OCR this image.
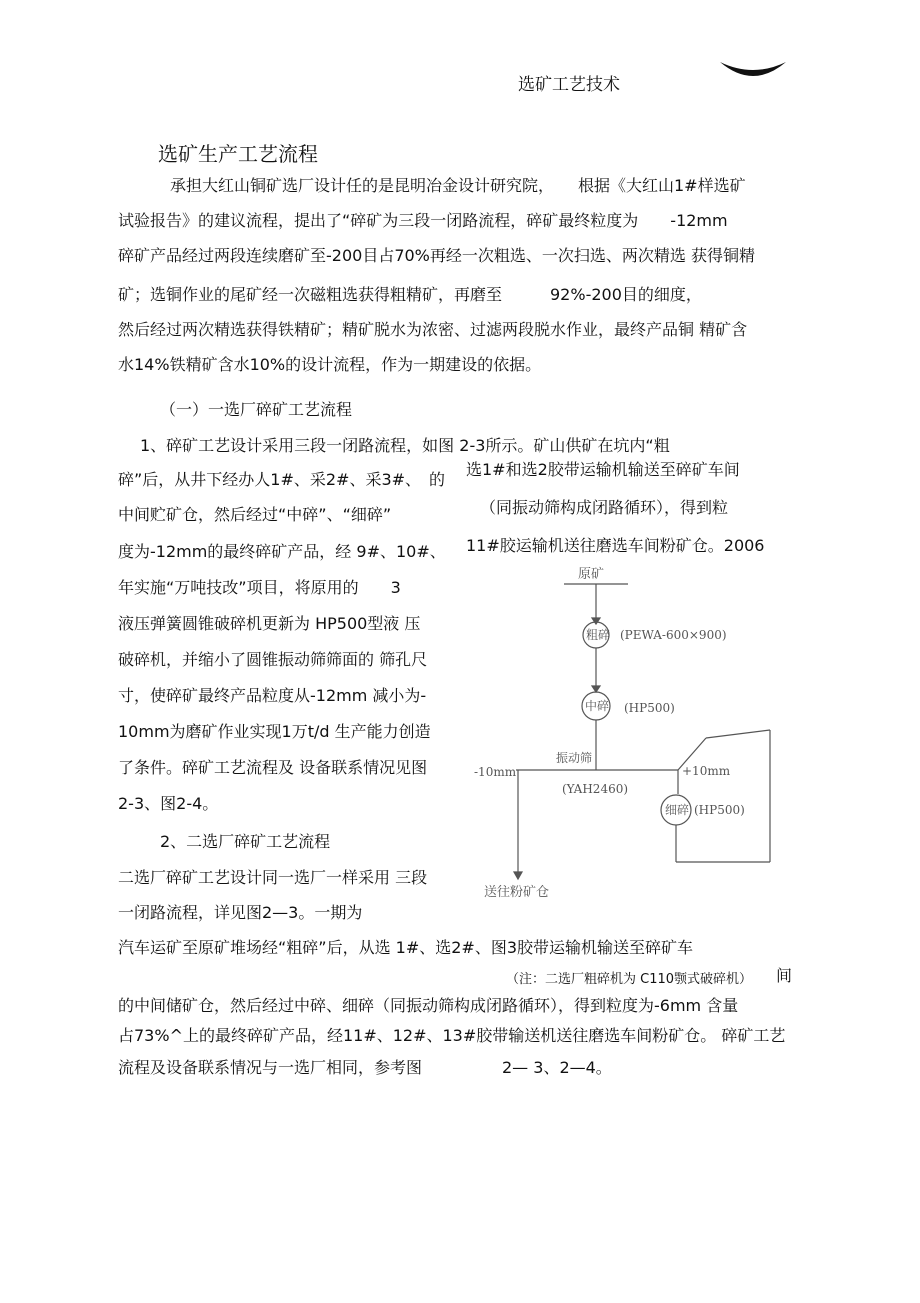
选矿工艺技术
选矿生产工艺流程
承担大红山铜矿选厂设计任的是昆明冶金设计研究院，　　根据《大红山1#样选矿
试验报告》的建议流程，提出了“碎矿为三段一闭路流程，碎矿最终粒度为　　-12mm
碎矿产品经过两段连续磨矿至-200目占70%再经一次粗选、一次扫选、两次精选 获得铜精
矿；选铜作业的尾矿经一次磁粗选获得粗精矿，再磨至　　　92%-200目的细度，
然后经过两次精选获得铁精矿；精矿脱水为浓密、过滤两段脱水作业，最终产品铜 精矿含
水14%铁精矿含水10%的设计流程，作为一期建设的依据。
（一）一选厂碎矿工艺流程
1、碎矿工艺设计采用三段一闭路流程，如图 2-3所示。矿山供矿在坑内“粗
碎”后，从井下经办人1#、采2#、采3#、　的
中间贮矿仓，然后经过“中碎”、“细碎”
度为-12mm的最终碎矿产品，经 9#、10#、
年实施“万吨技改”项目，将原用的　　3
液压弹簧圆锥破碎机更新为 HP500型液 压
破碎机，并缩小了圆锥振动筛筛面的 筛孔尺
寸，使碎矿最终产品粒度从-12mm 减小为-
10mm为磨矿作业实现1万t/d 生产能力创造
了条件。碎矿工艺流程及 设备联系情况见图
2-3、图2-4。
选1#和选2胶带运输机输送至碎矿车间
（同振动筛构成闭路循环），得到粒
11#胶运输机送往磨选车间粉矿仓。2006
原矿
粗碎 (PEWA-600×900)
中碎 (HP500)
振动筛
(YAH2460)
-10mm	+10mm
细碎 (HP500)
送往粉矿仓
2、二选厂碎矿工艺流程
二选厂碎矿工艺设计同一选厂一样采用 三段
一闭路流程，详见图2—3。一期为
汽车运矿至原矿堆场经“粗碎”后，从选 1#、选2#、图3胶带运输机输送至碎矿车
（注：二选厂粗碎机为 C110颚式破碎机） 间
的中间储矿仓，然后经过中碎、细碎（同振动筛构成闭路循环），得到粒度为-6mm 含量
占73%^上的最终碎矿产品，经11#、12#、13#胶带输送机送往磨选车间粉矿仓。 碎矿工艺
流程及设备联系情况与一选厂相同，参考图　　　　　2— 3、2—4。
